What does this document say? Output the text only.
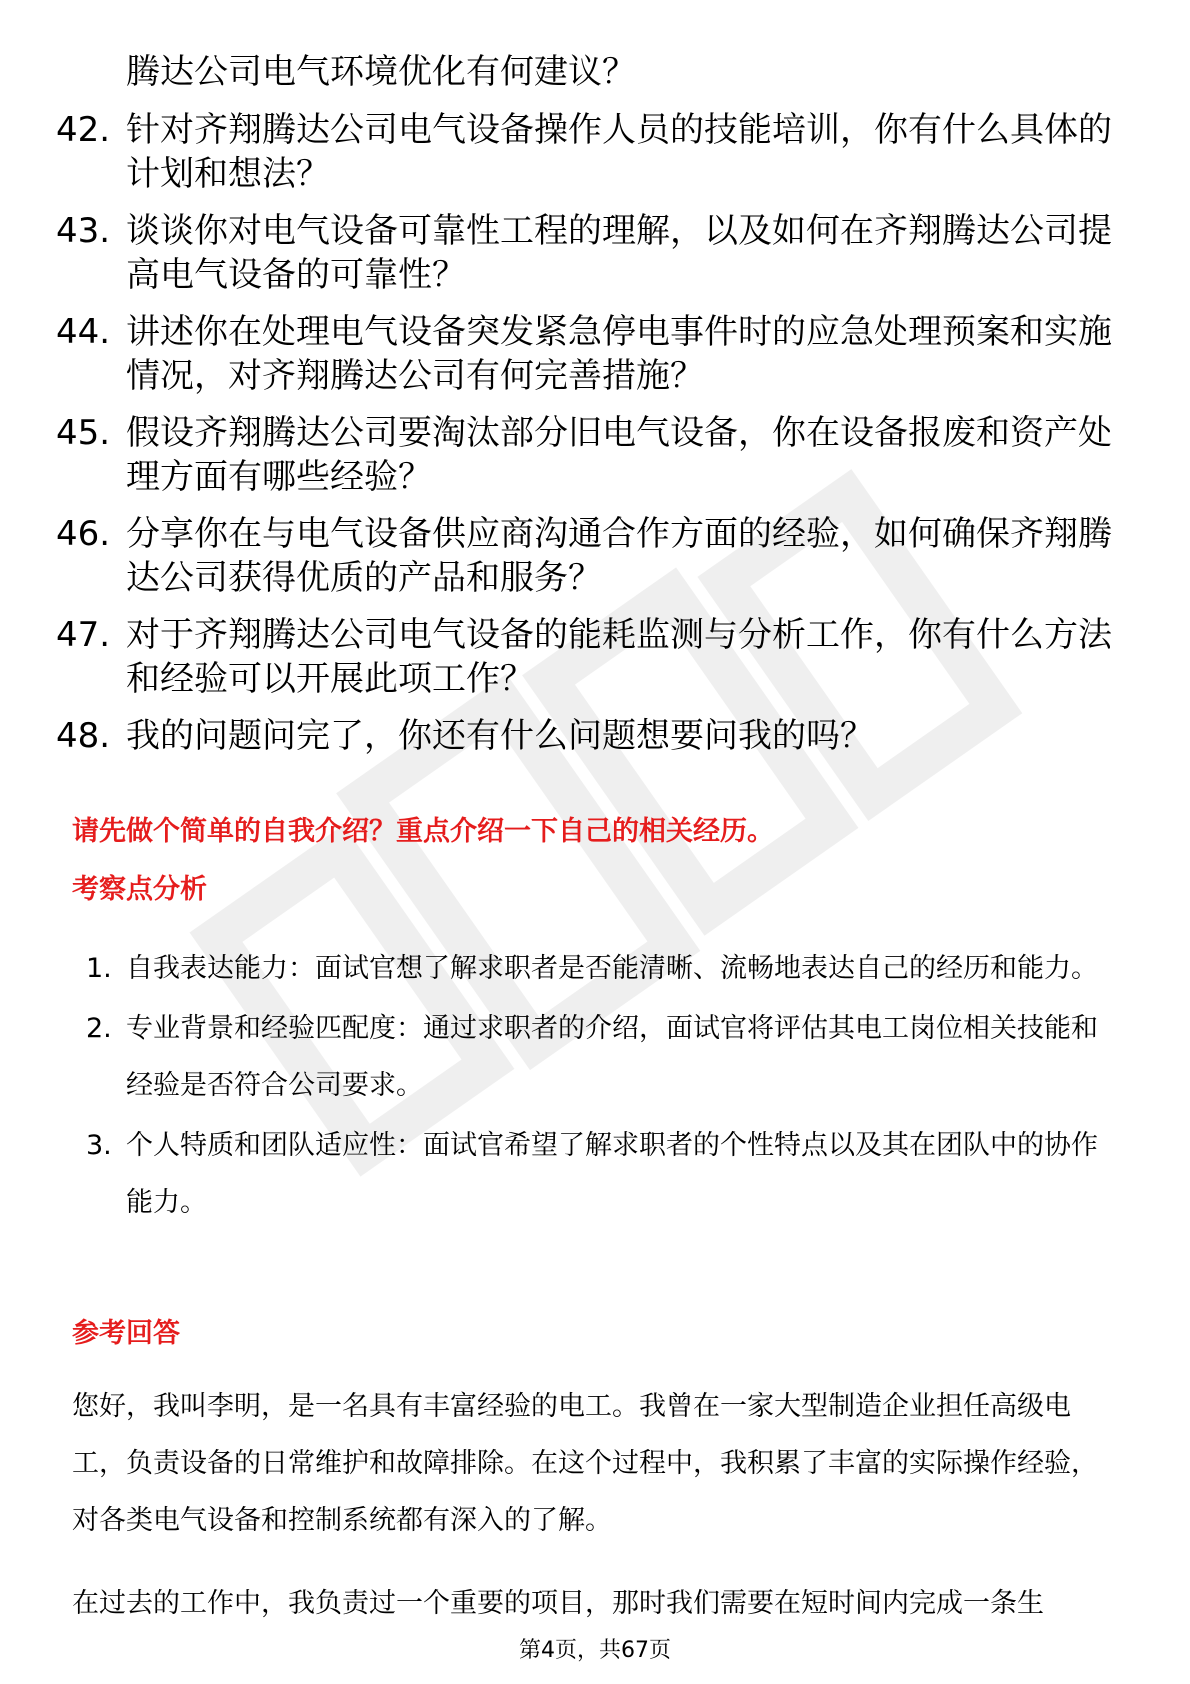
腾达公司电气环境优化有何建议？

42. 针对齐翔腾达公司电气设备操作人员的技能培训，你有什么具体的计划和想法？
43. 谈谈你对电气设备可靠性工程的理解，以及如何在齐翔腾达公司提高电气设备的可靠性？
44. 讲述你在处理电气设备突发紧急停电事件时的应急处理预案和实施情况，对齐翔腾达公司有何完善措施？
45. 假设齐翔腾达公司要淘汰部分旧电气设备，你在设备报废和资产处理方面有哪些经验？
46. 分享你在与电气设备供应商沟通合作方面的经验，如何确保齐翔腾达公司获得优质的产品和服务？
47. 对于齐翔腾达公司电气设备的能耗监测与分析工作，你有什么方法和经验可以开展此项工作？
48. 我的问题问完了，你还有什么问题想要问我的吗？
请先做个简单的自我介绍？重点介绍一下自己的相关经历。
考察点分析
1. 自我表达能力：面试官想了解求职者是否能清晰、流畅地表达自己的经历和能力。
2. 专业背景和经验匹配度：通过求职者的介绍，面试官将评估其电工岗位相关技能和经验是否符合公司要求。
3. 个人特质和团队适应性：面试官希望了解求职者的个性特点以及其在团队中的协作能力。
参考回答

您好，我叫李明，是一名具有丰富经验的电工。我曾在一家大型制造企业担任高级电工，负责设备的日常维护和故障排除。在这个过程中，我积累了丰富的实际操作经验，对各类电气设备和控制系统都有深入的了解。

在过去的工作中，我负责过一个重要的项目，那时我们需要在短时间内完成一条生

第4页，共67页
